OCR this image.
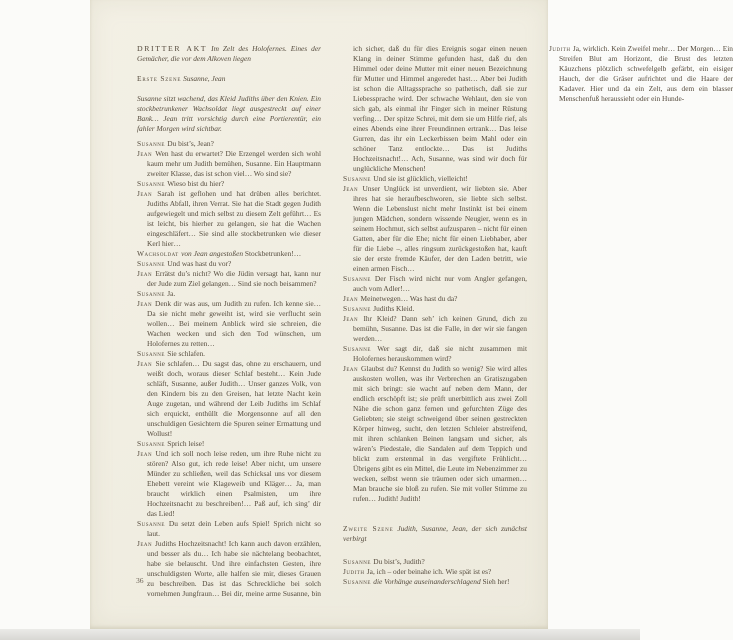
DRITTER AKT Im Zelt des Holofernes. Eines der Gemächer, die vor dem Alkoven liegen
Erste Szene Susanne, Jean

Susanne sitzt wachend, das Kleid Judiths über den Knien. Ein stockbetrunkener Wachsoldat liegt ausgestreckt auf einer Bank… Jean tritt vorsichtig durch eine Portierentür, ein fahler Morgen wird sichtbar.

Susanne Du bist’s, Jean?

Jean Wen hast du erwartet? Die Erzengel werden sich wohl kaum mehr um Judith bemühen, Susanne. Ein Hauptmann zweiter Klasse, das ist schon viel… Wo sind sie?

Susanne Wieso bist du hier?

Jean Sarah ist geflohen und hat drüben alles berichtet. Judiths Abfall, ihren Verrat. Sie hat die Stadt gegen Judith aufgewiegelt und mich selbst zu diesem Zelt geführt… Es ist leicht, bis hierher zu gelangen, sie hat die Wachen eingeschläfert… Sie sind alle stockbetrunken wie dieser Kerl hier…

Wachsoldat von Jean angestoßen Stockbetrunken!…

Susanne Und was hast du vor?

Jean Errätst du’s nicht? Wo die Jüdin versagt hat, kann nur der Jude zum Ziel gelangen… Sind sie noch beisammen?

Susanne Ja.

Jean Denk dir was aus, um Judith zu rufen. Ich kenne sie… Da sie nicht mehr geweiht ist, wird sie verflucht sein wollen… Bei meinem Anblick wird sie schreien, die Wachen wecken und sich den Tod wünschen, um Holofernes zu retten…

Susanne Sie schlafen.

Jean Sie schlafen… Du sagst das, ohne zu erschauern, und weißt doch, woraus dieser Schlaf besteht… Kein Jude schläft, Susanne, außer Judith… Unser ganzes Volk, von den Kindern bis zu den Greisen, hat letzte Nacht kein Auge zugetan, und während der Leib Judiths im Schlaf sich erquickt, enthüllt die Morgensonne auf all den unschuldigen Gesichtern die Spuren seiner Ermattung und Wollust!

Susanne Sprich leise!

Jean Und ich soll noch leise reden, um ihre Ruhe nicht zu stören? Also gut, ich rede leise! Aber nicht, um unsere Münder zu schließen, weil das Schicksal uns vor diesem Ehebett vereint wie Klageweib und Kläger… Ja, man braucht wirklich einen Psalmisten, um ihre Hochzeitsnacht zu beschreiben!… Paß auf, ich sing’ dir das Lied!

Susanne Du setzt dein Leben aufs Spiel! Sprich nicht so laut.

Jean Judiths Hochzeitsnacht! Ich kann auch davon erzählen, und besser als du… Ich habe sie nächtelang beobachtet, habe sie belauscht. Und ihre einfachsten Gesten, ihre unschuldigsten Worte, alle halfen sie mir, dieses Grauen zu beschreiben. Das ist das Schreckliche bei solch vornehmen Jungfraun… Bei dir, meine arme Susanne, bin ich sicher, daß du für dies Ereignis sogar einen neuen Klang in deiner Stimme gefunden hast, daß du den Himmel oder deine Mutter mit einer neuen Bezeichnung für Mutter und Himmel angeredet hast… Aber bei Judith ist schon die Alltagssprache so pathetisch, daß sie zur Liebessprache wird. Der schwache Wehlaut, den sie von sich gab, als einmal ihr Finger sich in meiner Rüstung verfing… Der spitze Schrei, mit dem sie um Hilfe rief, als eines Abends eine ihrer Freundinnen ertrank… Das leise Gurren, das ihr ein Leckerbissen beim Mahl oder ein schöner Tanz entlockte… Das ist Judiths Hochzeitsnacht!… Ach, Susanne, was sind wir doch für unglückliche Menschen!

Susanne Und sie ist glücklich, vielleicht!

Jean Unser Unglück ist unverdient, wir liebten sie. Aber ihres hat sie heraufbeschworen, sie liebte sich selbst. Wenn die Lebenslust nicht mehr Instinkt ist bei einem jungen Mädchen, sondern wissende Neugier, wenn es in seinem Hochmut, sich selbst aufzusparen – nicht für einen Gatten, aber für die Ehe; nicht für einen Liebhaber, aber für die Liebe –, alles ringsum zurückgestoßen hat, kauft sie der erste fremde Käufer, der den Laden betritt, wie einen armen Fisch…

Susanne Der Fisch wird nicht nur vom Angler gefangen, auch vom Adler!…

Jean Meinetwegen… Was hast du da?

Susanne Judiths Kleid.

Jean Ihr Kleid? Dann seh’ ich keinen Grund, dich zu bemühn, Susanne. Das ist die Falle, in der wir sie fangen werden…

Susanne Wer sagt dir, daß sie nicht zusammen mit Holofernes herauskommen wird?

Jean Glaubst du? Kennst du Judith so wenig? Sie wird alles auskosten wollen, was ihr Verbrechen an Gratiszugaben mit sich bringt: sie wacht auf neben dem Mann, der endlich erschöpft ist; sie prüft unerbittlich aus zwei Zoll Nähe die schon ganz fernen und gefurchten Züge des Geliebten; sie steigt schweigend über seinen gestreckten Körper hinweg, sucht, den letzten Schleier abstreifend, mit ihren schlanken Beinen langsam und sicher, als wären’s Piedestale, die Sandalen auf dem Teppich und blickt zum erstenmal in das vergiftete Frühlicht… Übrigens gibt es ein Mittel, die Leute im Nebenzimmer zu wecken, selbst wenn sie träumen oder sich umarmen… Man brauche sie bloß zu rufen. Sie mit voller Stimme zu rufen… Judith! Judith!

Zweite Szene Judith, Susanne, Jean, der sich zunächst verbirgt

Susanne Du bist’s, Judith?

Judith Ja, ich – oder beinahe ich. Wie spät ist es?

Susanne die Vorhänge auseinanderschlagend Sieh her!

Judith Ja, wirklich. Kein Zweifel mehr… Der Morgen… Ein Streifen Blut am Horizont, die Brust des letzten Käuzchens plötzlich schwefelgelb gefärbt, ein eisiger Hauch, der die Gräser aufrichtet und die Haare der Kadaver. Hier und da ein Zelt, aus dem ein blasser Menschenfuß heraussieht oder ein Hunde-

36
